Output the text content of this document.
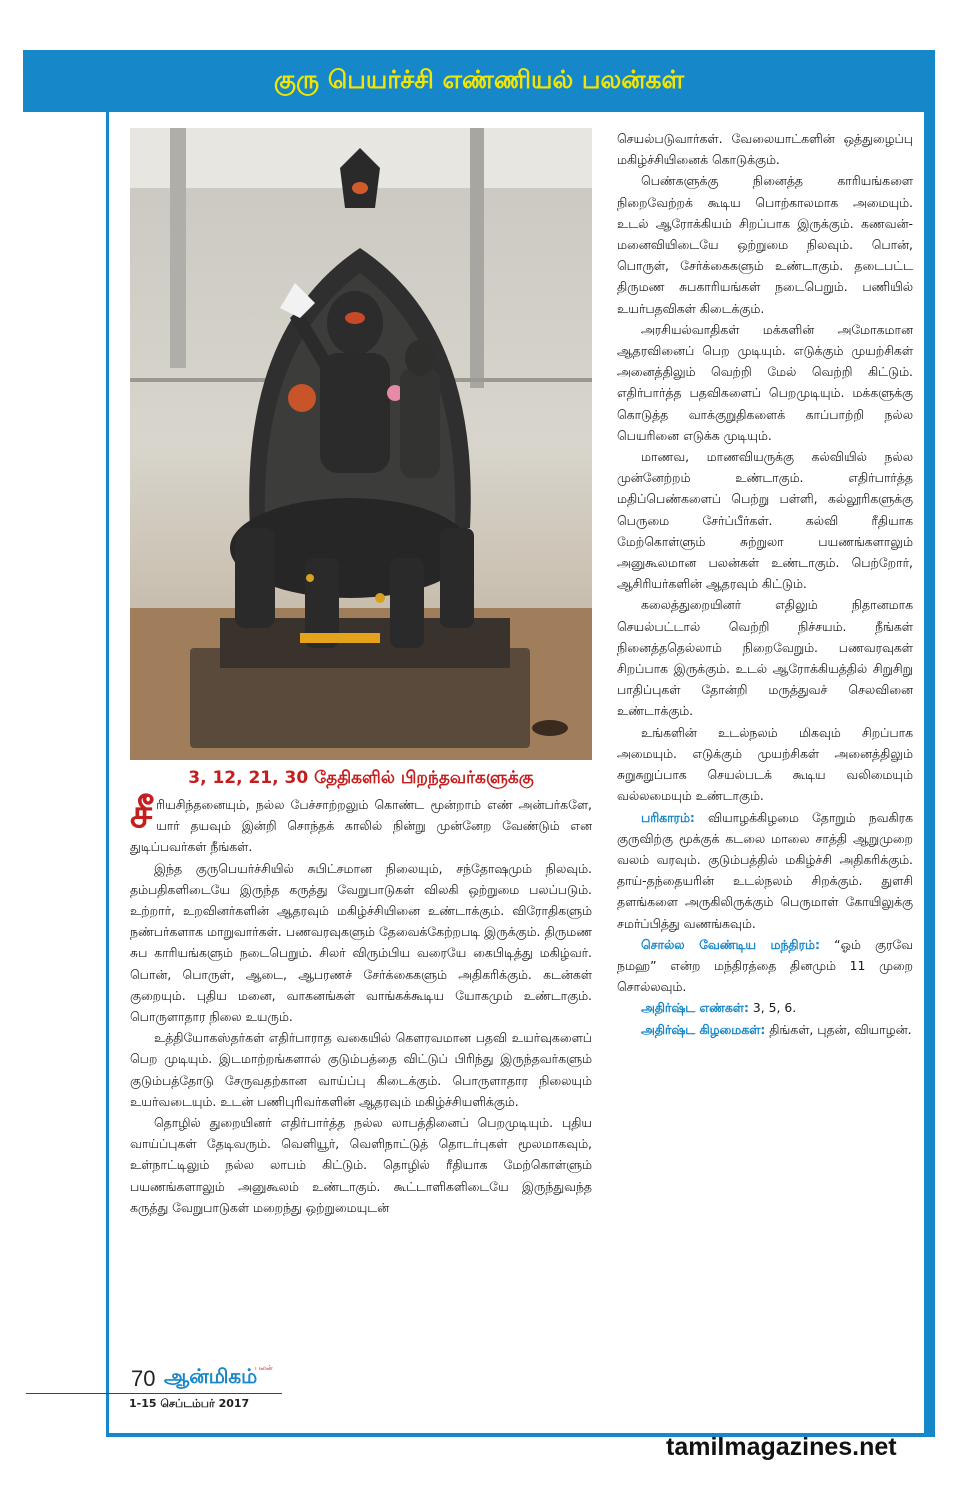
குரு பெயர்ச்சி எண்ணியல் பலன்கள்
3, 12, 21, 30 தேதிகளில் பிறந்தவர்களுக்கு

சீரியசிந்தனையும், நல்ல பேச்சாற்றலும் கொண்ட மூன்றாம் எண் அன்பர்களே, யார் தயவும் இன்றி சொந்தக் காலில் நின்று முன்னேற வேண்டும் என துடிப்பவர்கள் நீங்கள்.

இந்த குருபெயர்ச்சியில் சுபிட்சமான நிலையும், சந்தோஷமும் நிலவும். தம்பதிகளிடையே இருந்த கருத்து வேறுபாடுகள் விலகி ஒற்றுமை பலப்படும். உற்றார், உறவினர்களின் ஆதரவும் மகிழ்ச்சியினை உண்டாக்கும். விரோதிகளும் நண்பர்களாக மாறுவார்கள். பணவரவுகளும் தேவைக்கேற்றபடி இருக்கும். திருமண சுப காரியங்களும் நடைபெறும். சிலர் விரும்பிய வரையே கைபிடித்து மகிழ்வர். பொன், பொருள், ஆடை, ஆபரணச் சேர்க்கைகளும் அதிகரிக்கும். கடன்கள் குறையும். புதிய மனை, வாகனங்கள் வாங்கக்கூடிய யோகமும் உண்டாகும். பொருளாதார நிலை உயரும்.

உத்தியோகஸ்தர்கள் எதிர்பாராத வகையில் கௌரவமான பதவி உயர்வுகளைப் பெற முடியும். இடமாற்றங்களால் குடும்பத்தை விட்டுப் பிரிந்து இருந்தவர்களும் குடும்பத்தோடு சேருவதற்கான வாய்ப்பு கிடைக்கும். பொருளாதார நிலையும் உயர்வடையும். உடன் பணிபுரிவர்களின் ஆதரவும் மகிழ்ச்சியளிக்கும்.

தொழில் துறையினர் எதிர்பார்த்த நல்ல லாபத்தினைப் பெறமுடியும். புதிய வாய்ப்புகள் தேடிவரும். வெளியூர், வெளிநாட்டுத் தொடர்புகள் மூலமாகவும், உள்நாட்டிலும் நல்ல லாபம் கிட்டும். தொழில் ரீதியாக மேற்கொள்ளும் பயணங்களாலும் அனுகூலம் உண்டாகும். கூட்டாளிகளிடையே இருந்துவந்த கருத்து வேறுபாடுகள் மறைந்து ஒற்றுமையுடன்

செயல்படுவார்கள். வேலையாட்களின் ஒத்துழைப்பு மகிழ்ச்சியினைக் கொடுக்கும்.

பெண்களுக்கு நினைத்த காரியங்களை நிறைவேற்றக் கூடிய பொற்காலமாக அமையும். உடல் ஆரோக்கியம் சிறப்பாக இருக்கும். கணவன்- மனைவியிடையே ஒற்றுமை நிலவும். பொன், பொருள், சேர்க்கைகளும் உண்டாகும். தடைபட்ட திருமண சுபகாரியங்கள் நடைபெறும். பணியில் உயர்பதவிகள் கிடைக்கும்.

அரசியல்வாதிகள் மக்களின் அமோகமான ஆதரவினைப் பெற முடியும். எடுக்கும் முயற்சிகள் அனைத்திலும் வெற்றி மேல் வெற்றி கிட்டும். எதிர்பார்த்த பதவிகளைப் பெறமுடியும். மக்களுக்கு கொடுத்த வாக்குறுதிகளைக் காப்பாற்றி நல்ல பெயரினை எடுக்க முடியும்.

மாணவ, மாணவியருக்கு கல்வியில் நல்ல முன்னேற்றம் உண்டாகும். எதிர்பார்த்த மதிப்பெண்களைப் பெற்று பள்ளி, கல்லூரிகளுக்கு பெருமை சேர்ப்பீர்கள். கல்வி ரீதியாக மேற்கொள்ளும் சுற்றுலா பயணங்களாலும் அனுகூலமான பலன்கள் உண்டாகும். பெற்றோர், ஆசிரியர்களின் ஆதரவும் கிட்டும்.

கலைத்துறையினர் எதிலும் நிதானமாக செயல்பட்டால் வெற்றி நிச்சயம். நீங்கள் நினைத்ததெல்லாம் நிறைவேறும். பணவரவுகள் சிறப்பாக இருக்கும். உடல் ஆரோக்கியத்தில் சிறுசிறு பாதிப்புகள் தோன்றி மருத்துவச் செலவினை உண்டாக்கும்.

உங்களின் உடல்நலம் மிகவும் சிறப்பாக அமையும். எடுக்கும் முயற்சிகள் அனைத்திலும் சுறுசுறுப்பாக செயல்படக் கூடிய வலிமையும் வல்லமையும் உண்டாகும்.

பரிகாரம்: வியாழக்கிழமை தோறும் நவகிரக குருவிற்கு மூக்குக் கடலை மாலை சாத்தி ஆறுமுறை வலம் வரவும். குடும்பத்தில் மகிழ்ச்சி அதிகரிக்கும். தாய்-தந்தையரின் உடல்நலம் சிறக்கும். துளசி தளங்களை அருகிலிருக்கும் பெருமாள் கோயிலுக்கு சமர்ப்பித்து வணங்கவும்.

சொல்ல வேண்டிய மந்திரம்: “ஓம் குரவே நமஹ” என்ற மந்திரத்தை தினமும் 11 முறை சொல்லவும்.

அதிர்ஷ்ட எண்கள்: 3, 5, 6.

அதிர்ஷ்ட கிழமைகள்: திங்கள், புதன், வியாழன்.

70 ஆன்மிகம்
பலன்
1-15 செப்டம்பர் 2017
tamilmagazines.net
